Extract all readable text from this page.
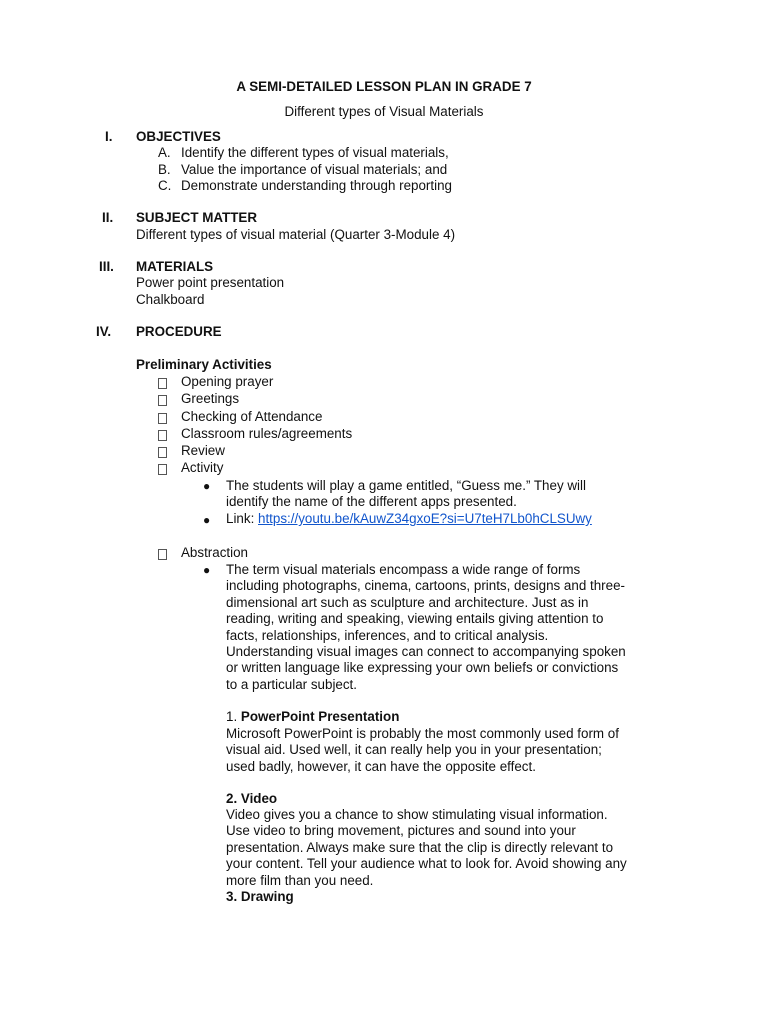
A SEMI-DETAILED LESSON PLAN IN GRADE 7
Different types of Visual Materials
I. OBJECTIVES
A. Identify the different types of visual materials,
B. Value the importance of visual materials; and
C. Demonstrate understanding through reporting
II. SUBJECT MATTER
Different types of visual material (Quarter 3-Module 4)
III. MATERIALS
Power point presentation
Chalkboard
IV. PROCEDURE
Preliminary Activities
Opening prayer
Greetings
Checking of Attendance
Classroom rules/agreements
Review
Activity
● The students will play a game entitled, “Guess me.” They will
identify the name of the different apps presented.
● Link: https://youtu.be/kAuwZ34gxoE?si=U7teH7Lb0hCLSUwy
Abstraction
● The term visual materials encompass a wide range of forms
including photographs, cinema, cartoons, prints, designs and three-
dimensional art such as sculpture and architecture. Just as in
reading, writing and speaking, viewing entails giving attention to
facts, relationships, inferences, and to critical analysis.
Understanding visual images can connect to accompanying spoken
or written language like expressing your own beliefs or convictions
to a particular subject.
1. PowerPoint Presentation
Microsoft PowerPoint is probably the most commonly used form of
visual aid. Used well, it can really help you in your presentation;
used badly, however, it can have the opposite effect.
2. Video
Video gives you a chance to show stimulating visual information.
Use video to bring movement, pictures and sound into your
presentation. Always make sure that the clip is directly relevant to
your content. Tell your audience what to look for. Avoid showing any
more film than you need.
3. Drawing
